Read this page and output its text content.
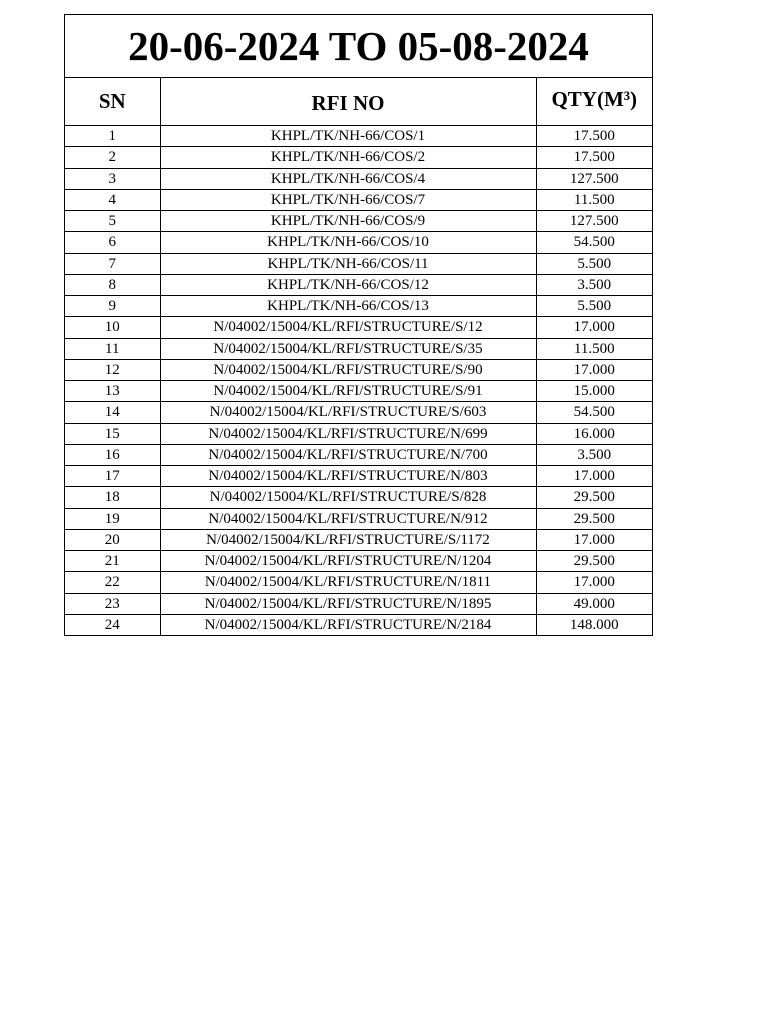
20-06-2024 TO 05-08-2024
SN	RFI NO	QTY(M³)
1	KHPL/TK/NH-66/COS/1	17.500
2	KHPL/TK/NH-66/COS/2	17.500
3	KHPL/TK/NH-66/COS/4	127.500
4	KHPL/TK/NH-66/COS/7	11.500
5	KHPL/TK/NH-66/COS/9	127.500
6	KHPL/TK/NH-66/COS/10	54.500
7	KHPL/TK/NH-66/COS/11	5.500
8	KHPL/TK/NH-66/COS/12	3.500
9	KHPL/TK/NH-66/COS/13	5.500
10	N/04002/15004/KL/RFI/STRUCTURE/S/12	17.000
11	N/04002/15004/KL/RFI/STRUCTURE/S/35	11.500
12	N/04002/15004/KL/RFI/STRUCTURE/S/90	17.000
13	N/04002/15004/KL/RFI/STRUCTURE/S/91	15.000
14	N/04002/15004/KL/RFI/STRUCTURE/S/603	54.500
15	N/04002/15004/KL/RFI/STRUCTURE/N/699	16.000
16	N/04002/15004/KL/RFI/STRUCTURE/N/700	3.500
17	N/04002/15004/KL/RFI/STRUCTURE/N/803	17.000
18	N/04002/15004/KL/RFI/STRUCTURE/S/828	29.500
19	N/04002/15004/KL/RFI/STRUCTURE/N/912	29.500
20	N/04002/15004/KL/RFI/STRUCTURE/S/1172	17.000
21	N/04002/15004/KL/RFI/STRUCTURE/N/1204	29.500
22	N/04002/15004/KL/RFI/STRUCTURE/N/1811	17.000
23	N/04002/15004/KL/RFI/STRUCTURE/N/1895	49.000
24	N/04002/15004/KL/RFI/STRUCTURE/N/2184	148.000
